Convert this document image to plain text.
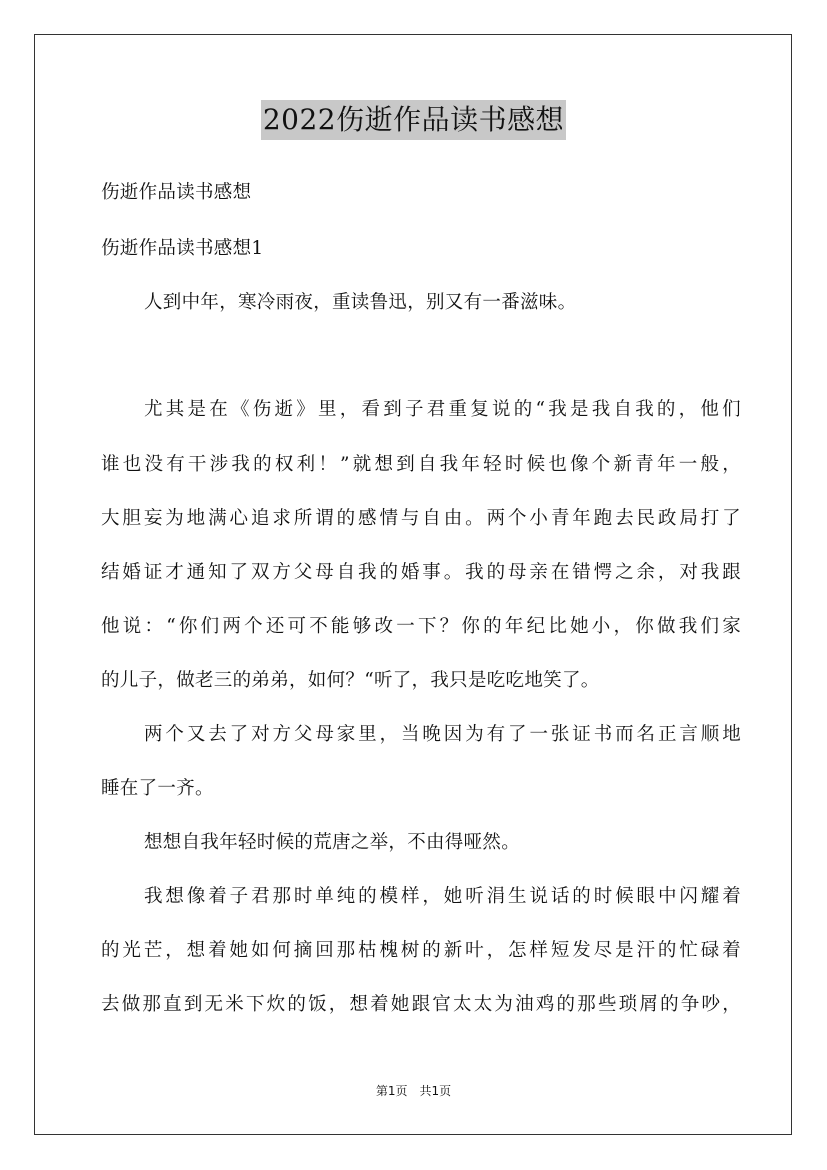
2022伤逝作品读书感想
伤逝作品读书感想
伤逝作品读书感想1
人到中年，寒冷雨夜，重读鲁迅，别又有一番滋味。
尤其是在《伤逝》里，看到子君重复说的“我是我自我的，他们
谁也没有干涉我的权利！”就想到自我年轻时候也像个新青年一般，
大胆妄为地满心追求所谓的感情与自由。两个小青年跑去民政局打了
结婚证才通知了双方父母自我的婚事。我的母亲在错愕之余，对我跟
他说：“你们两个还可不能够改一下？你的年纪比她小，你做我们家
的儿子，做老三的弟弟，如何？“听了，我只是吃吃地笑了。
两个又去了对方父母家里，当晚因为有了一张证书而名正言顺地
睡在了一齐。
想想自我年轻时候的荒唐之举，不由得哑然。
我想像着子君那时单纯的模样，她听涓生说话的时候眼中闪耀着
的光芒，想着她如何摘回那枯槐树的新叶，怎样短发尽是汗的忙碌着
去做那直到无米下炊的饭，想着她跟官太太为油鸡的那些琐屑的争吵，
第1页　共1页
